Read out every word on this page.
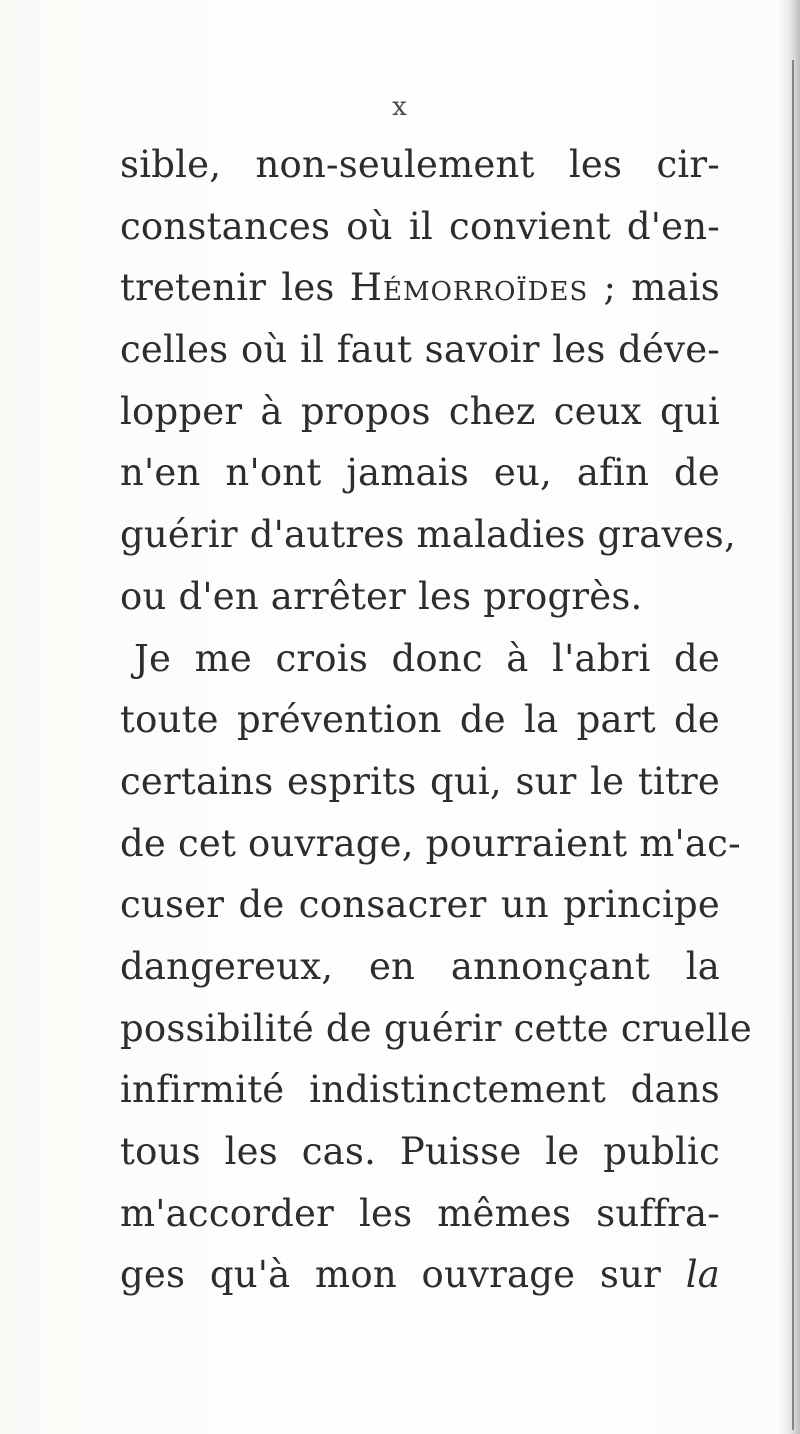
x
sible, non-seulement les cir-
constances où il convient d'en-
tretenir les Hémorroïdes ; mais
celles où il faut savoir les déve-
lopper à propos chez ceux qui
n'en n'ont jamais eu, afin de
guérir d'autres maladies graves,
ou d'en arrêter les progrès.
Je me crois donc à l'abri de
toute prévention de la part de
certains esprits qui, sur le titre
de cet ouvrage, pourraient m'ac-
cuser de consacrer un principe
dangereux, en annonçant la
possibilité de guérir cette cruelle
infirmité indistinctement dans
tous les cas. Puisse le public
m'accorder les mêmes suffra-
ges qu'à mon ouvrage sur la
